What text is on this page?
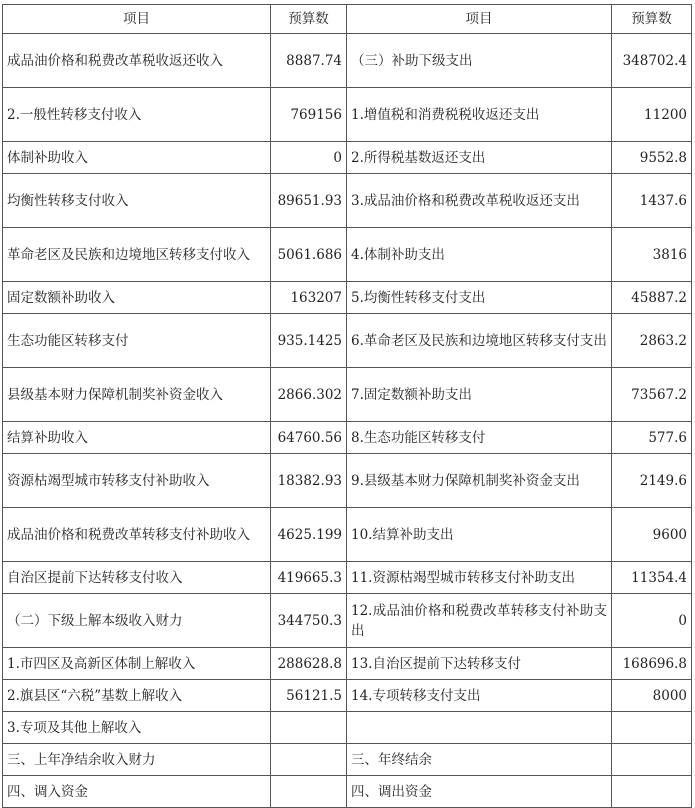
项目	预算数	项目	预算数
成品油价格和税费改革税收返还收入	8887.74	（三）补助下级支出	348702.4
2.一般性转移支付收入	769156	1.增值税和消费税税收返还支出	11200
体制补助收入	0	2.所得税基数返还支出	9552.8
均衡性转移支付收入	89651.93	3.成品油价格和税费改革税收返还支出	1437.6
革命老区及民族和边境地区转移支付收入	5061.686	4.体制补助支出	3816
固定数额补助收入	163207	5.均衡性转移支付支出	45887.2
生态功能区转移支付	935.1425	6.革命老区及民族和边境地区转移支付支出	2863.2
县级基本财力保障机制奖补资金收入	2866.302	7.固定数额补助支出	73567.2
结算补助收入	64760.56	8.生态功能区转移支付	577.6
资源枯竭型城市转移支付补助收入	18382.93	9.县级基本财力保障机制奖补资金支出	2149.6
成品油价格和税费改革转移支付补助收入	4625.199	10.结算补助支出	9600
自治区提前下达转移支付收入	419665.3	11.资源枯竭型城市转移支付补助支出	11354.4
（二）下级上解本级收入财力	344750.3	12.成品油价格和税费改革转移支付补助支出	0
1.市四区及高新区体制上解收入	288628.8	13.自治区提前下达转移支付	168696.8
2.旗县区“六税”基数上解收入	56121.5	14.专项转移支付支出	8000
3.专项及其他上解收入			
三、上年净结余收入财力		三、年终结余	
四、调入资金		四、调出资金	
